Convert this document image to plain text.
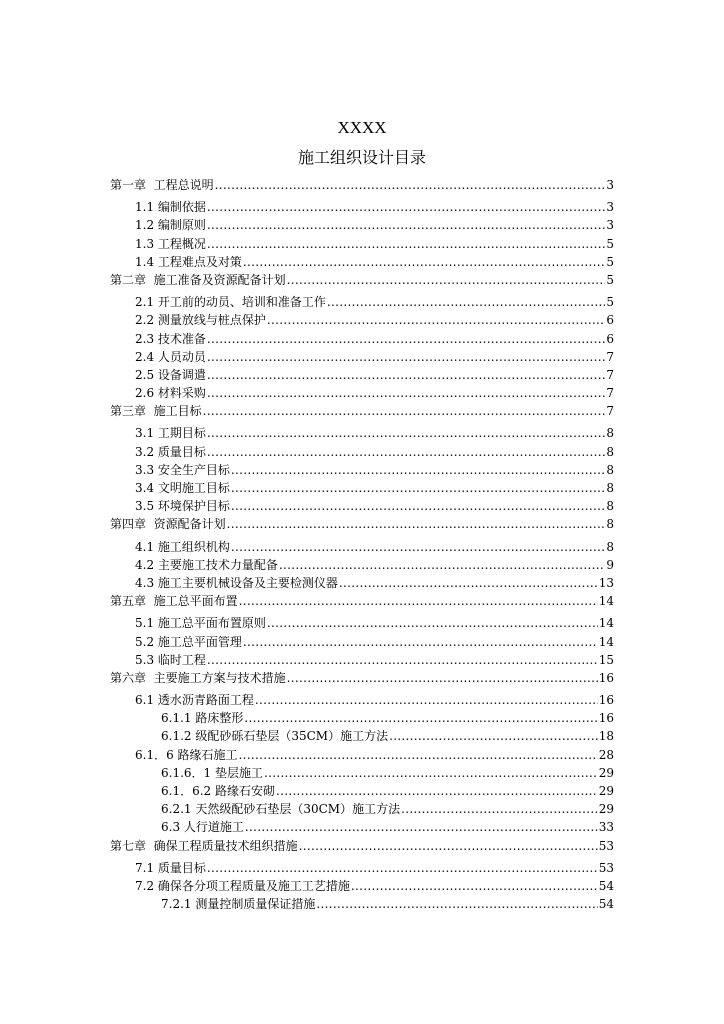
XXXX
施工组织设计目录
第一章  工程总说明 .....	3
1.1 编制依据 .....	3
1.2 编制原则 .....	3
1.3 工程概况 .....	5
1.4 工程难点及对策 .....	5
第二章  施工准备及资源配备计划 .....	5
2.1 开工前的动员、培训和准备工作 .....	5
2.2 测量放线与桩点保护 .....	6
2.3 技术准备 .....	6
2.4 人员动员 .....	7
2.5 设备调遣 .....	7
2.6 材料采购 .....	7
第三章  施工目标 .....	7
3.1 工期目标 .....	8
3.2 质量目标 .....	8
3.3 安全生产目标 .....	8
3.4 文明施工目标 .....	8
3.5 环境保护目标 .....	8
第四章  资源配备计划 .....	8
4.1 施工组织机构 .....	8
4.2 主要施工技术力量配备 .....	9
4.3 施工主要机械设备及主要检测仪器 .....	13
第五章  施工总平面布置 .....	14
5.1 施工总平面布置原则 .....	14
5.2 施工总平面管理 .....	14
5.3 临时工程 .....	15
第六章  主要施工方案与技术措施 .....	16
6.1 透水沥青路面工程 .....	16
6.1.1 路床整形 .....	16
6.1.2 级配砂砾石垫层（35CM）施工方法 .....	18
6.1．6 路缘石施工 .....	28
6.1.6．1 垫层施工 .....	29
6.1．6.2 路缘石安砌 .....	29
6.2.1 天然级配砂石垫层（30CM）施工方法 .....	29
6.3 人行道施工 .....	33
第七章  确保工程质量技术组织措施 .....	53
7.1 质量目标 .....	53
7.2 确保各分项工程质量及施工工艺措施 .....	54
7.2.1 测量控制质量保证措施 .....	54
